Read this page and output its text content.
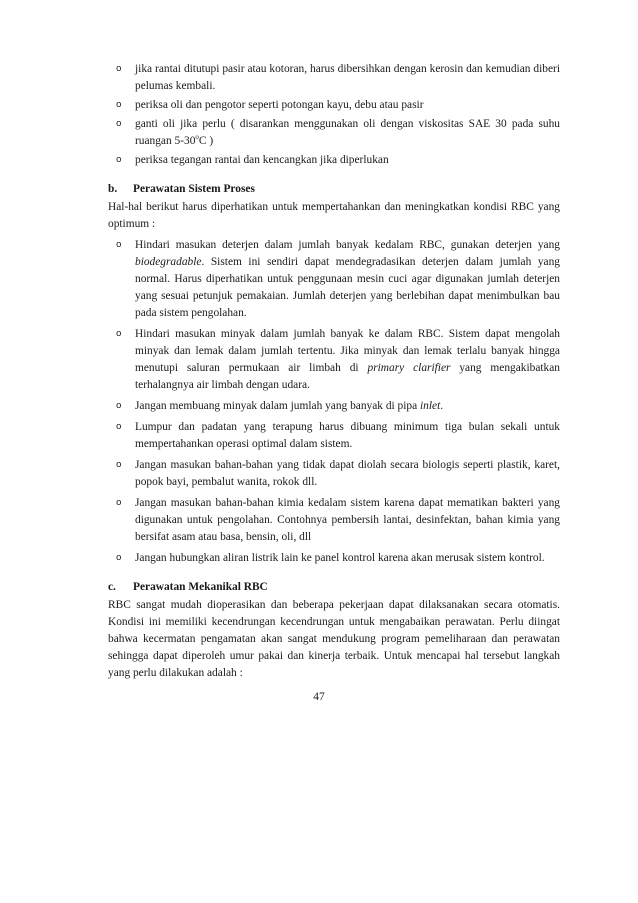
o jika rantai ditutupi pasir atau kotoran, harus dibersihkan dengan kerosin dan kemudian diberi pelumas kembali.
o periksa oli dan pengotor seperti potongan kayu, debu atau pasir
o ganti oli jika perlu ( disarankan menggunakan oli dengan viskositas SAE 30 pada suhu ruangan 5-30$^o$C )
o periksa tegangan rantai dan kencangkan jika diperlukan
b. Perawatan Sistem Proses

Hal-hal berikut harus diperhatikan untuk mempertahankan dan meningkatkan kondisi RBC yang optimum :

o Hindari masukan deterjen dalam jumlah banyak kedalam RBC, gunakan deterjen yang biodegradable. Sistem ini sendiri dapat mendegradasikan deterjen dalam jumlah yang normal. Harus diperhatikan untuk penggunaan mesin cuci agar digunakan jumlah deterjen yang sesuai petunjuk pemakaian. Jumlah deterjen yang berlebihan dapat menimbulkan bau pada sistem pengolahan.
o Hindari masukan minyak dalam jumlah banyak ke dalam RBC. Sistem dapat mengolah minyak dan lemak dalam jumlah tertentu. Jika minyak dan lemak terlalu banyak hingga menutupi saluran permukaan air limbah di primary clarifier yang mengakibatkan terhalangnya air limbah dengan udara.
o Jangan membuang minyak dalam jumlah yang banyak di pipa inlet.
o Lumpur dan padatan yang terapung harus dibuang minimum tiga bulan sekali untuk mempertahankan operasi optimal dalam sistem.
o Jangan masukan bahan-bahan yang tidak dapat diolah secara biologis seperti plastik, karet, popok bayi, pembalut wanita, rokok dll.
o Jangan masukan bahan-bahan kimia kedalam sistem karena dapat mematikan bakteri yang digunakan untuk pengolahan. Contohnya pembersih lantai, desinfektan, bahan kimia yang bersifat asam atau basa, bensin, oli, dll
o Jangan hubungkan aliran listrik lain ke panel kontrol karena akan merusak sistem kontrol.
c. Perawatan Mekanikal RBC

RBC sangat mudah dioperasikan dan beberapa pekerjaan dapat dilaksanakan secara otomatis. Kondisi ini memiliki kecendrungan kecendrungan untuk mengabaikan perawatan. Perlu diingat bahwa kecermatan pengamatan akan sangat mendukung program pemeliharaan dan perawatan sehingga dapat diperoleh umur pakai dan kinerja terbaik. Untuk mencapai hal tersebut langkah yang perlu dilakukan adalah :

47
